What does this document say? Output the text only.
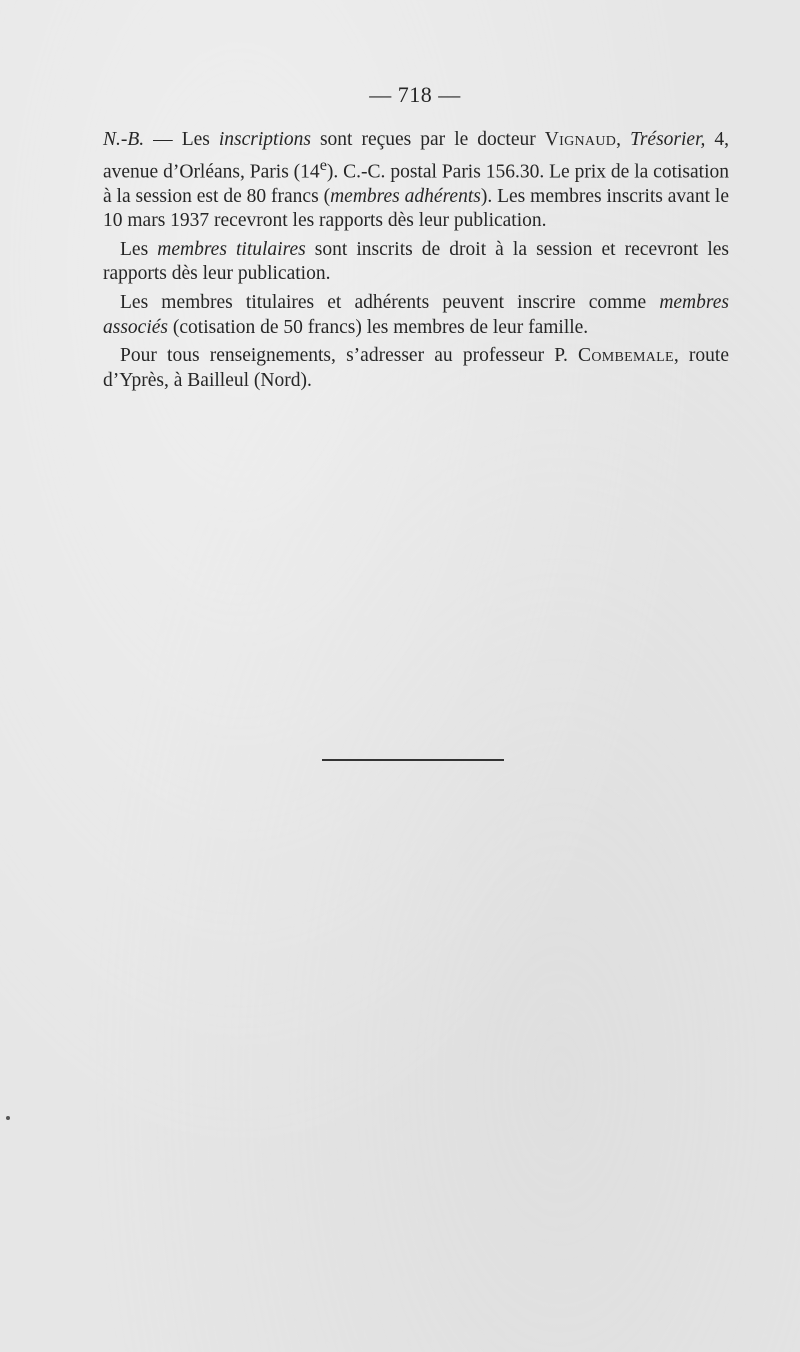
— 718 —

N.-B. — Les inscriptions sont reçues par le docteur Vignaud, Trésorier, 4, avenue d’Orléans, Paris (14e). C.-C. postal Paris 156.30. Le prix de la cotisation à la session est de 80 francs (membres adhérents). Les membres inscrits avant le 10 mars 1937 recevront les rapports dès leur publication.

Les membres titulaires sont inscrits de droit à la session et recevront les rapports dès leur publication.

Les membres titulaires et adhérents peuvent inscrire comme membres associés (cotisation de 50 francs) les membres de leur famille.

Pour tous renseignements, s’adresser au professeur P. Combemale, route d’Yprès, à Bailleul (Nord).
